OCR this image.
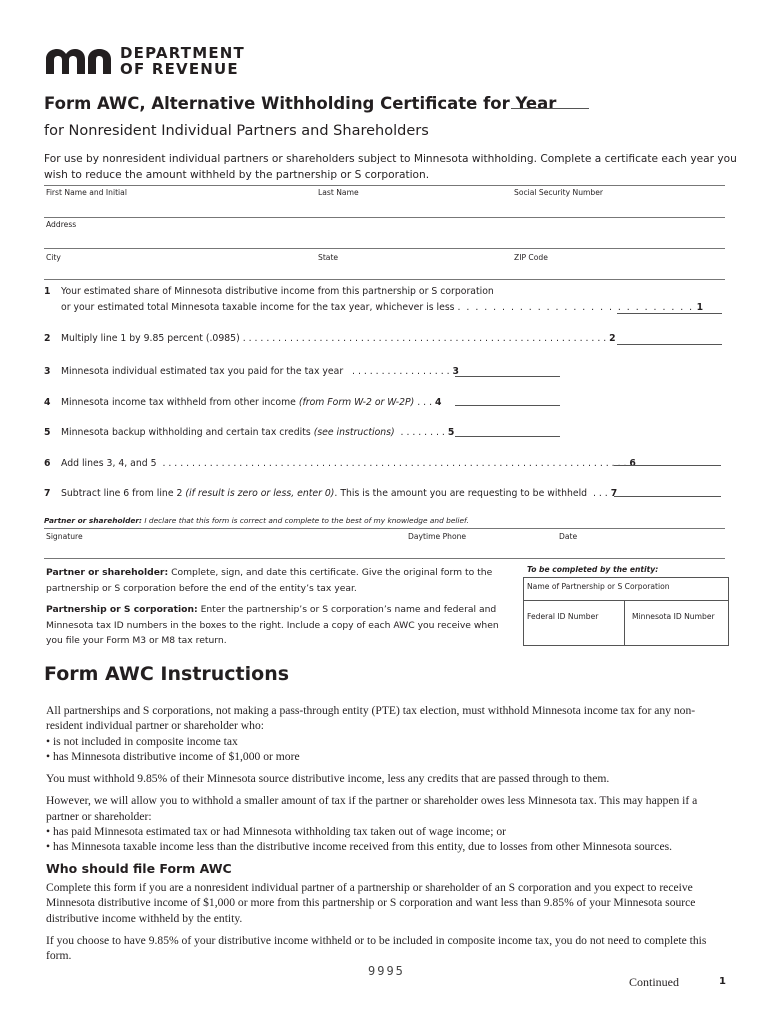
DEPARTMENT
OF REVENUE
Form AWC, Alternative Withholding Certificate for Year
for Nonresident Individual Partners and Shareholders
For use by nonresident individual partners or shareholders subject to Minnesota withholding. Complete a certificate each year you wish to reduce the amount withheld by the partnership or S corporation.
First Name and Initial	Last Name	Social Security Number
Address
City	State	ZIP Code
1 Your estimated share of Minnesota distributive income from this partnership or S corporation
or your estimated total Minnesota taxable income for the tax year, whichever is less . . . . . . . . . . . . . . . . . . . . . . . . . . . 1
2 Multiply line 1 by 9.85 percent (.0985) . . . . . . . . . . . . . . . . . . . . . . . . . . . . . . . . . . . . . . . . . . . . . . . . . . . . . . . . . . . . . . 2
3 Minnesota individual estimated tax you paid for the tax year . . . . . . . . . . . . . . . . . 3
4 Minnesota income tax withheld from other income (from Form W-2 or W-2P) . . . 4
5 Minnesota backup withholding and certain tax credits (see instructions)  . . . . . . . . 5
6 Add lines 3, 4, and 5 . . . . . . . . . . . . . . . . . . . . . . . . . . . . . . . . . . . . . . . . . . . . . . . . . . . . . . . . . . . . . . . . . . . . . . . . . . . . . . . 6
7 Subtract line 6 from line 2 (if result is zero or less, enter 0). This is the amount you are requesting to be withheld  . . . 7
Partner or shareholder: I declare that this form is correct and complete to the best of my knowledge and belief.
Signature	Daytime Phone	Date
Partner or shareholder: Complete, sign, and date this certificate. Give the original form to the partnership or S corporation before the end of the entity’s tax year.
Partnership or S corporation: Enter the partnership’s or S corporation’s name and federal and Minnesota tax ID numbers in the boxes to the right. Include a copy of each AWC you receive when you file your Form M3 or M8 tax return.
To be completed by the entity:
Name of Partnership or S Corporation
Federal ID Number	Minnesota ID Number
Form AWC Instructions

All partnerships and S corporations, not making a pass-through entity (PTE) tax election, must withhold Minnesota income tax for any non-resident individual partner or shareholder who:

• is not included in composite income tax

• has Minnesota distributive income of $1,000 or more

You must withhold 9.85% of their Minnesota source distributive income, less any credits that are passed through to them.

However, we will allow you to withhold a smaller amount of tax if the partner or shareholder owes less Minnesota tax. This may happen if a partner or shareholder:

• has paid Minnesota estimated tax or had Minnesota withholding tax taken out of wage income; or

• has Minnesota taxable income less than the distributive income received from this entity, due to losses from other Minnesota sources.

Who should file Form AWC

Complete this form if you are a nonresident individual partner of a partnership or shareholder of an S corporation and you expect to receive Minnesota distributive income of $1,000 or more from this partnership or S corporation and want less than 9.85% of your Minnesota source distributive income withheld by the entity.

If you choose to have 9.85% of your distributive income withheld or to be included in composite income tax, you do not need to complete this form.

9995
Continued	1
